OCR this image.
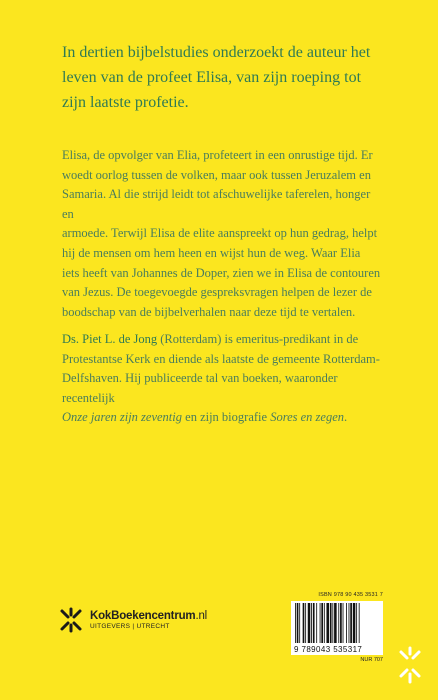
In dertien bijbelstudies onderzoekt de auteur het leven van de profeet Elisa, van zijn roeping tot zijn laatste profetie.

Elisa, de opvolger van Elia, profeteert in een onrustige tijd. Er

woedt oorlog tussen de volken, maar ook tussen Jeruzalem en

Samaria. Al die strijd leidt tot afschuwelijke taferelen, honger en

armoede. Terwijl Elisa de elite aanspreekt op hun gedrag, helpt

hij de mensen om hem heen en wijst hun de weg. Waar Elia

iets heeft van Johannes de Doper, zien we in Elisa de contouren

van Jezus. De toegevoegde gespreksvragen helpen de lezer de

boodschap van de bijbelverhalen naar deze tijd te vertalen.

Ds. Piet L. de Jong (Rotterdam) is emeritus-predikant in de

Protestantse Kerk en diende als laatste de gemeente Rotterdam-

Delfshaven. Hij publiceerde tal van boeken, waaronder recentelijk

Onze jaren zijn zeventig en zijn biografie Sores en zegen.

KokBoekencentrum.nl
UITGEVERS | UTRECHT
ISBN 978 90 435 3531 7
9 789043 535317
NUR 707
